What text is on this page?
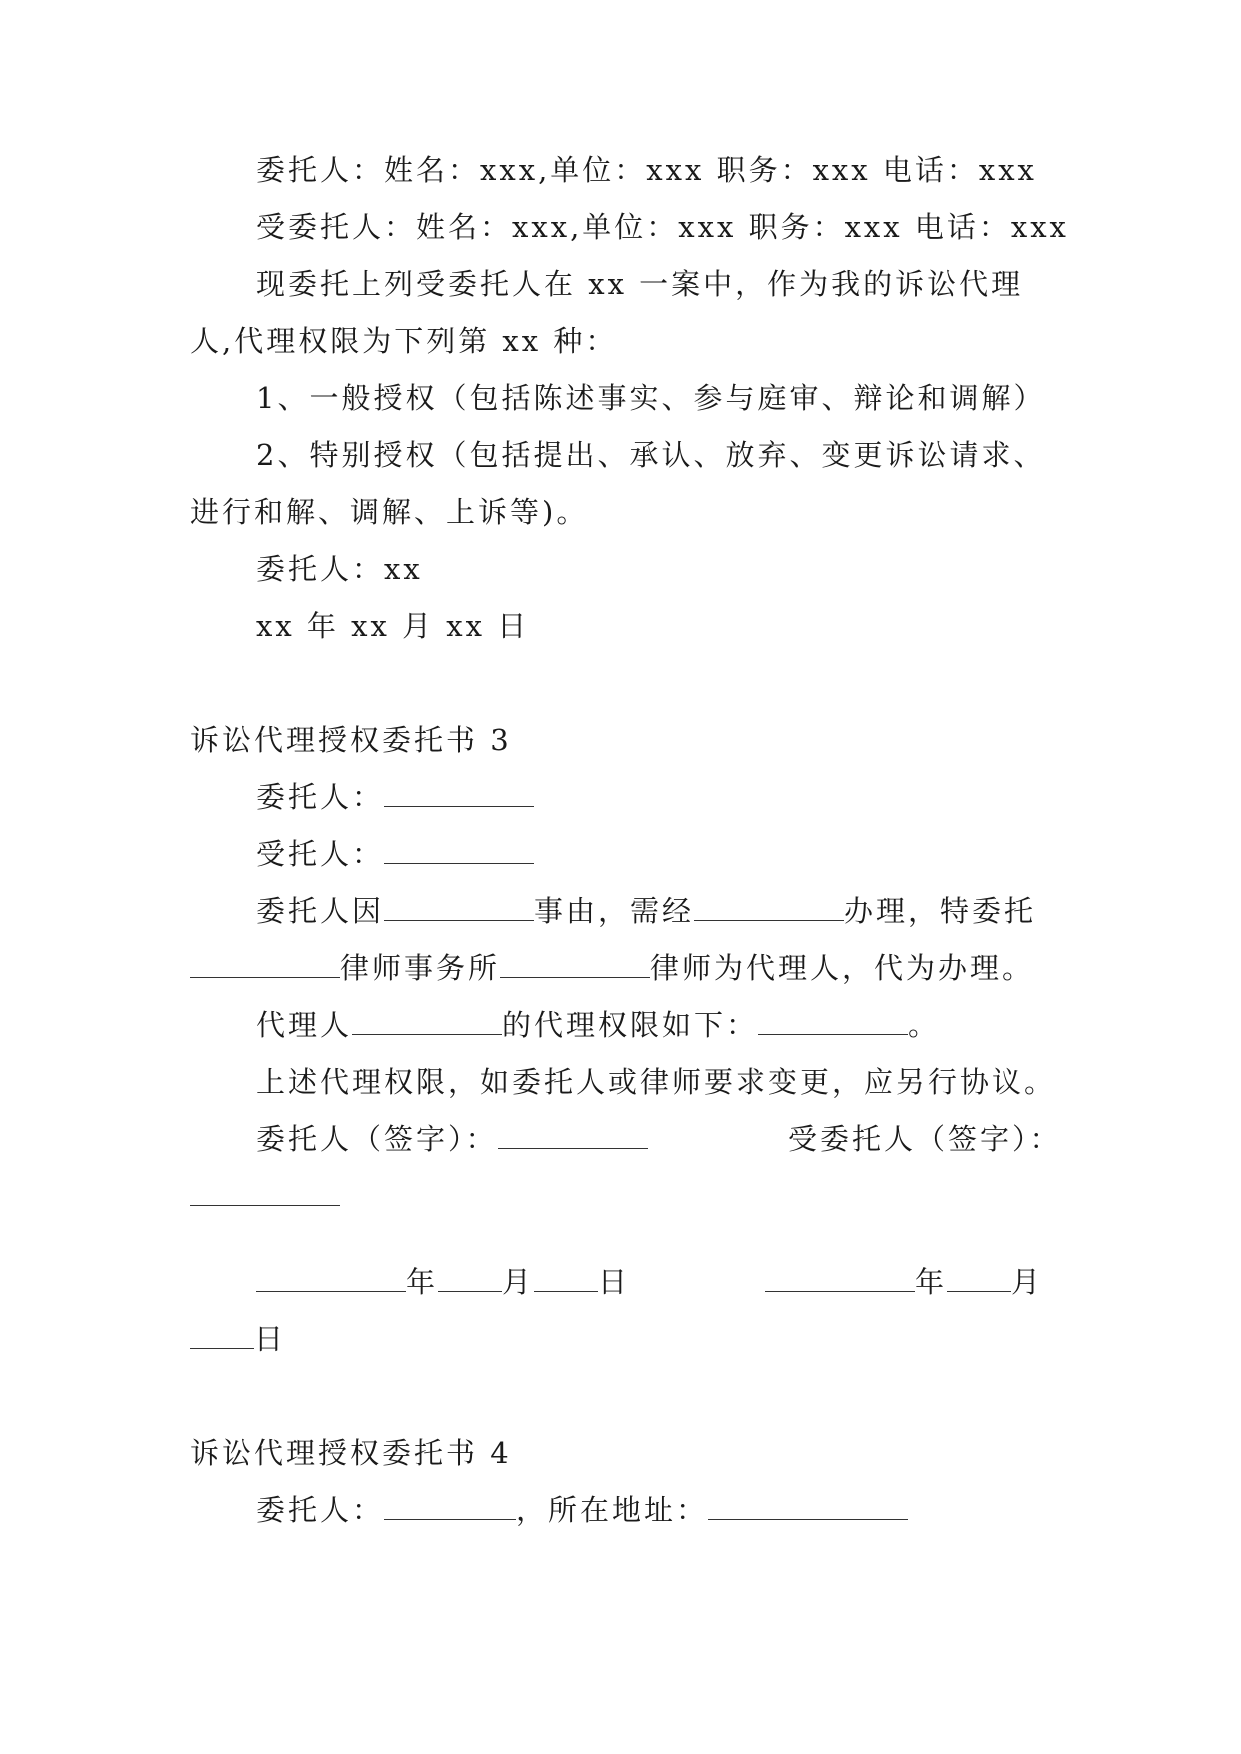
委托人：姓名：xxx,单位：xxx 职务：xxx 电话：xxx
受委托人：姓名：xxx,单位：xxx 职务：xxx 电话：xxx
现委托上列受委托人在 xx 一案中，作为我的诉讼代理
人,代理权限为下列第 xx 种：
1、一般授权（包括陈述事实、参与庭审、辩论和调解）
2、特别授权（包括提出、承认、放弃、变更诉讼请求、
进行和解、调解、上诉等)。
委托人：xx
xx 年 xx 月 xx 日
诉讼代理授权委托书 3
委托人：
受托人：
委托人因	事由，需经	办理，特委托
律师事务所	律师为代理人，代为办理。
代理人	的代理权限如下：	。
上述代理权限，如委托人或律师要求变更，应另行协议。
委托人（签字）：	受委托人（签字）：
年 月 日	年 月
日
诉讼代理授权委托书 4
委托人：	，所在地址：
